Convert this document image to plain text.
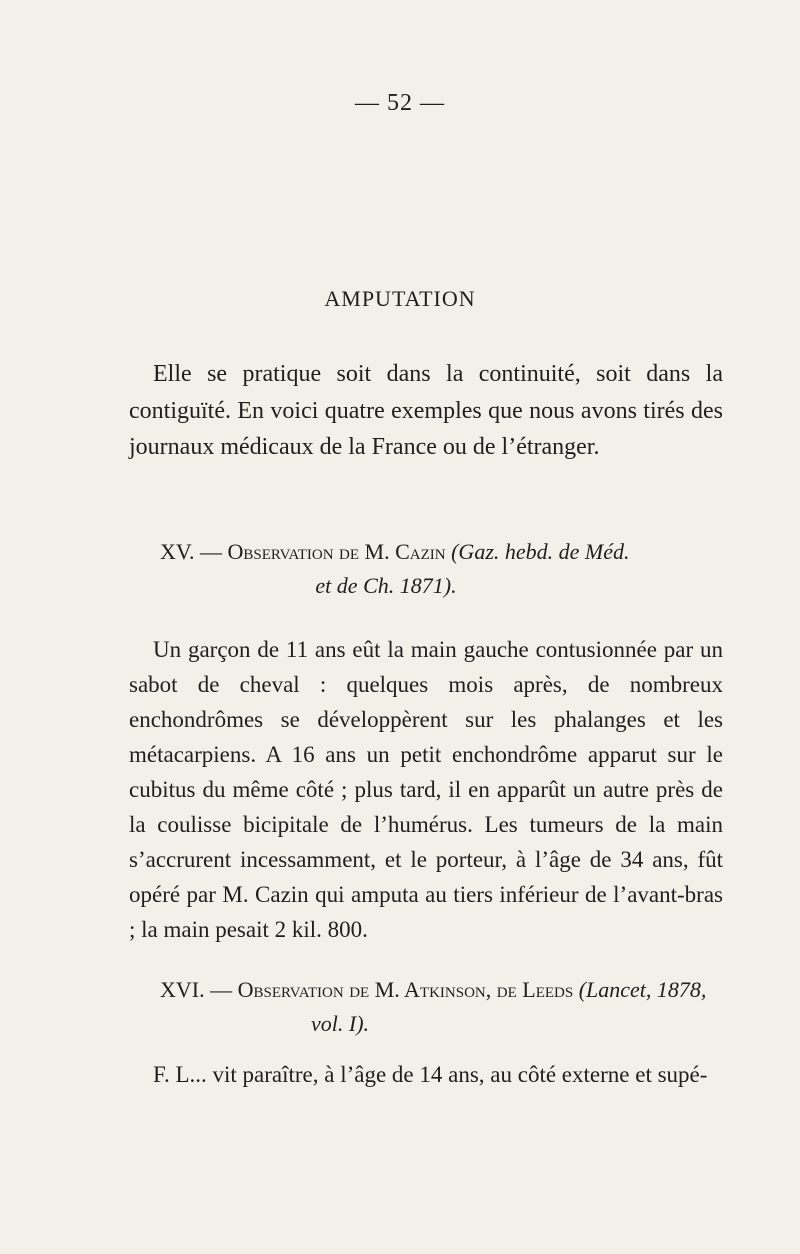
— 52 —
AMPUTATION

Elle se pratique soit dans la continuité, soit dans la contiguïté. En voici quatre exemples que nous avons tirés des journaux médicaux de la France ou de l’étranger.

XV. — Observation de M. Cazin (Gaz. hebd. de Méd.
et de Ch. 1871).

Un garçon de 11 ans eût la main gauche contusionnée par un sabot de cheval : quelques mois après, de nombreux enchondrômes se développèrent sur les phalanges et les métacarpiens. A 16 ans un petit enchondrôme apparut sur le cubitus du même côté ; plus tard, il en apparût un autre près de la coulisse bicipitale de l’humérus. Les tumeurs de la main s’accrurent incessamment, et le porteur, à l’âge de 34 ans, fût opéré par M. Cazin qui amputa au tiers inférieur de l’avant-bras ; la main pesait 2 kil. 800.

XVI. — Observation de M. Atkinson, de Leeds (Lancet, 1878,
vol. I).

F. L... vit paraître, à l’âge de 14 ans, au côté externe et supé-
